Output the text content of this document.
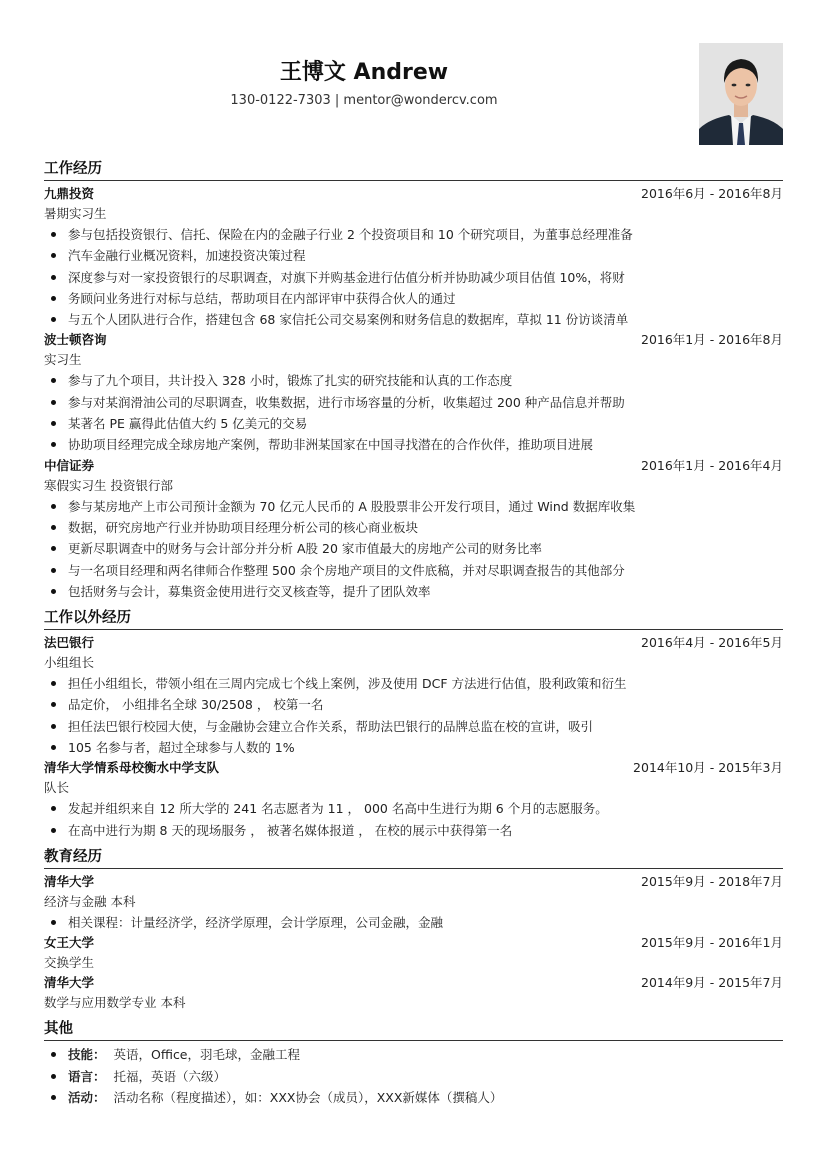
王博文 Andrew
130-0122-7303 | mentor@wondercv.com
工作经历
九鼎投资	2016年6月 - 2016年8月
暑期实习生
参与包括投资银行、信托、保险在内的金融子行业 2 个投资项目和 10 个研究项目，为董事总经理准备
汽车金融行业概况资料，加速投资决策过程
深度参与对一家投资银行的尽职调查，对旗下并购基金进行估值分析并协助减少项目估值 10%，将财
务顾问业务进行对标与总结，帮助项目在内部评审中获得合伙人的通过
与五个人团队进行合作，搭建包含 68 家信托公司交易案例和财务信息的数据库，草拟 11 份访谈清单
波士顿咨询	2016年1月 - 2016年8月
实习生
参与了九个项目，共计投入 328 小时，锻炼了扎实的研究技能和认真的工作态度
参与对某润滑油公司的尽职调查，收集数据，进行市场容量的分析，收集超过 200 种产品信息并帮助
某著名 PE 赢得此估值大约 5 亿美元的交易
协助项目经理完成全球房地产案例，帮助非洲某国家在中国寻找潜在的合作伙伴，推助项目进展
中信证券	2016年1月 - 2016年4月
寒假实习生 投资银行部
参与某房地产上市公司预计金额为 70 亿元人民币的 A 股股票非公开发行项目，通过 Wind 数据库收集
数据，研究房地产行业并协助项目经理分析公司的核心商业板块
更新尽职调查中的财务与会计部分并分析 A股 20 家市值最大的房地产公司的财务比率
与一名项目经理和两名律师合作整理 500 余个房地产项目的文件底稿，并对尽职调查报告的其他部分
包括财务与会计，募集资金使用进行交叉核查等，提升了团队效率
工作以外经历
法巴银行	2016年4月 - 2016年5月
小组组长
担任小组组长，带领小组在三周内完成七个线上案例，涉及使用 DCF 方法进行估值，股利政策和衍生
品定价， 小组排名全球 30/2508 ， 校第一名
担任法巴银行校园大使，与金融协会建立合作关系，帮助法巴银行的品牌总监在校的宣讲，吸引
105 名参与者，超过全球参与人数的 1%
清华大学情系母校衡水中学支队	2014年10月 - 2015年3月
队长
发起并组织来自 12 所大学的 241 名志愿者为 11 ， 000 名高中生进行为期 6 个月的志愿服务。
在高中进行为期 8 天的现场服务 ， 被著名媒体报道 ， 在校的展示中获得第一名
教育经历
清华大学	2015年9月 - 2018年7月
经济与金融 本科
相关课程：计量经济学，经济学原理，会计学原理，公司金融，金融
女王大学	2015年9月 - 2016年1月
交换学生
清华大学	2014年9月 - 2015年7月
数学与应用数学专业 本科
其他
技能： 英语，Office，羽毛球，金融工程
语言： 托福，英语（六级）
活动： 活动名称（程度描述），如：XXX协会（成员），XXX新媒体（撰稿人）
